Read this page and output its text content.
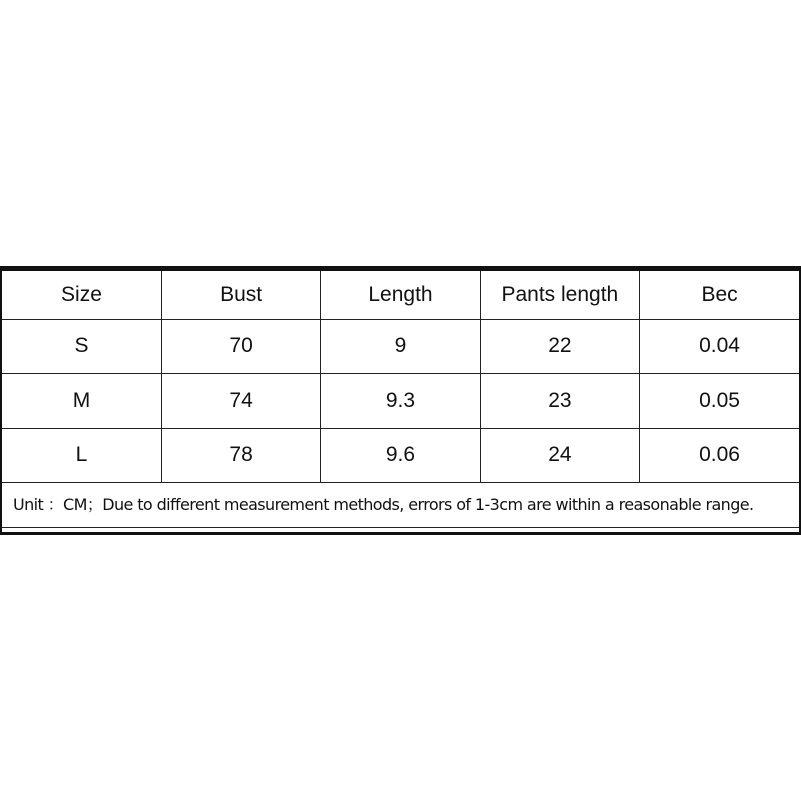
Size	Bust	Length	Pants length	Bec
S	70	9	22	0.04
M	74	9.3	23	0.05
L	78	9.6	24	0.06

Unit ：CM；Due to different measurement methods, errors of 1-3cm are within a reasonable range.				
